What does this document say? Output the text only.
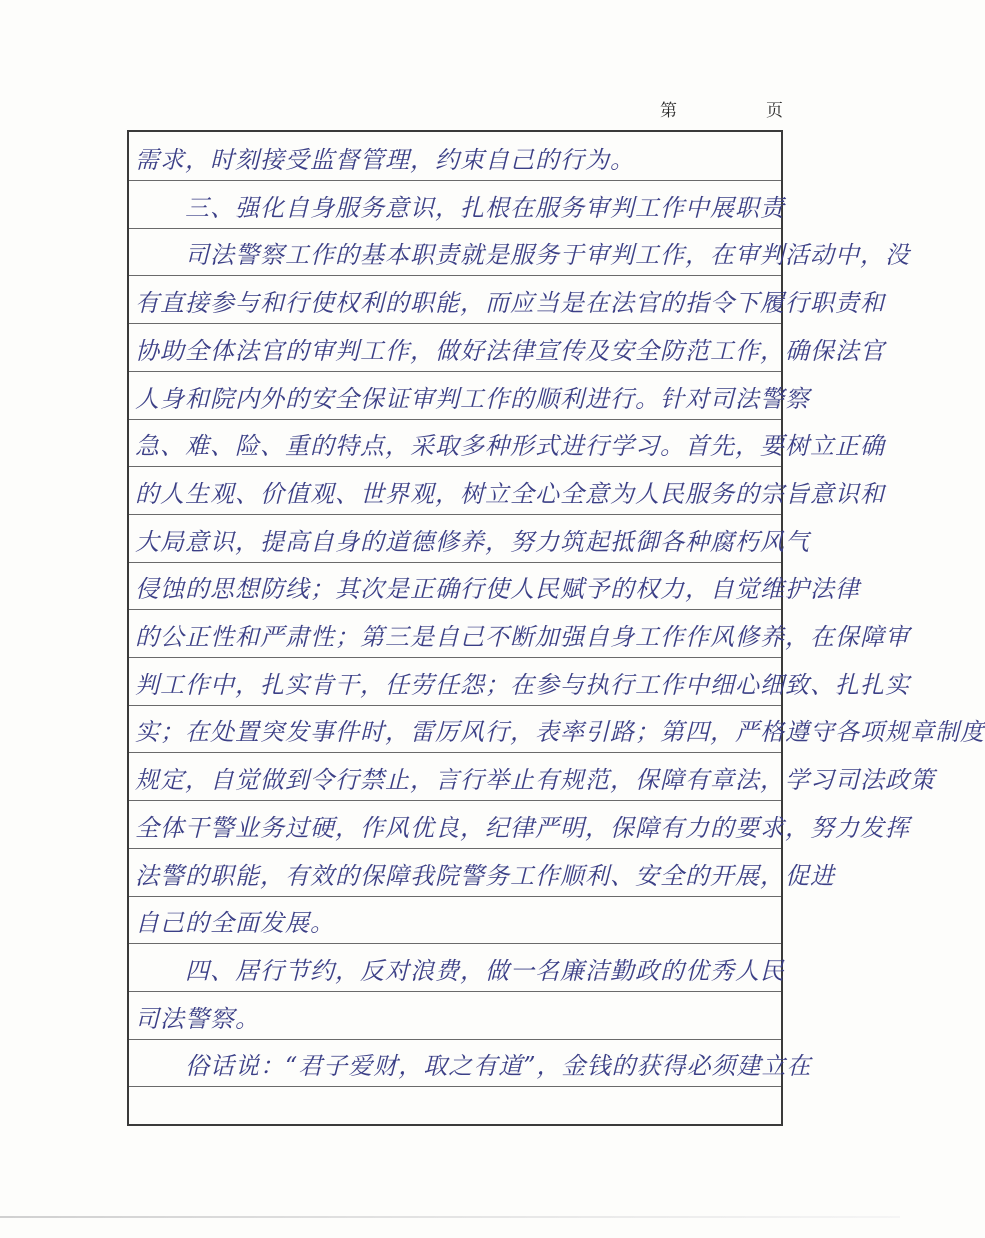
第	页
需求，时刻接受监督管理，约束自己的行为。
　　三、强化自身服务意识，扎根在服务审判工作中展职责
　　司法警察工作的基本职责就是服务于审判工作，在审判活动中，没
有直接参与和行使权利的职能，而应当是在法官的指令下履行职责和
协助全体法官的审判工作，做好法律宣传及安全防范工作，确保法官
人身和院内外的安全保证审判工作的顺利进行。针对司法警察
急、难、险、重的特点，采取多种形式进行学习。首先，要树立正确
的人生观、价值观、世界观，树立全心全意为人民服务的宗旨意识和
大局意识，提高自身的道德修养，努力筑起抵御各种腐朽风气
侵蚀的思想防线；其次是正确行使人民赋予的权力，自觉维护法律
的公正性和严肃性；第三是自己不断加强自身工作作风修养，在保障审
判工作中，扎实肯干，任劳任怨；在参与执行工作中细心细致、扎扎实
实；在处置突发事件时，雷厉风行，表率引路；第四，严格遵守各项规章制度
规定，自觉做到令行禁止，言行举止有规范，保障有章法，学习司法政策
全体干警业务过硬，作风优良，纪律严明，保障有力的要求，努力发挥
法警的职能，有效的保障我院警务工作顺利、安全的开展，促进
自己的全面发展。
　　四、居行节约，反对浪费，做一名廉洁勤政的优秀人民
司法警察。
　　俗话说：“君子爱财，取之有道”，金钱的获得必须建立在
